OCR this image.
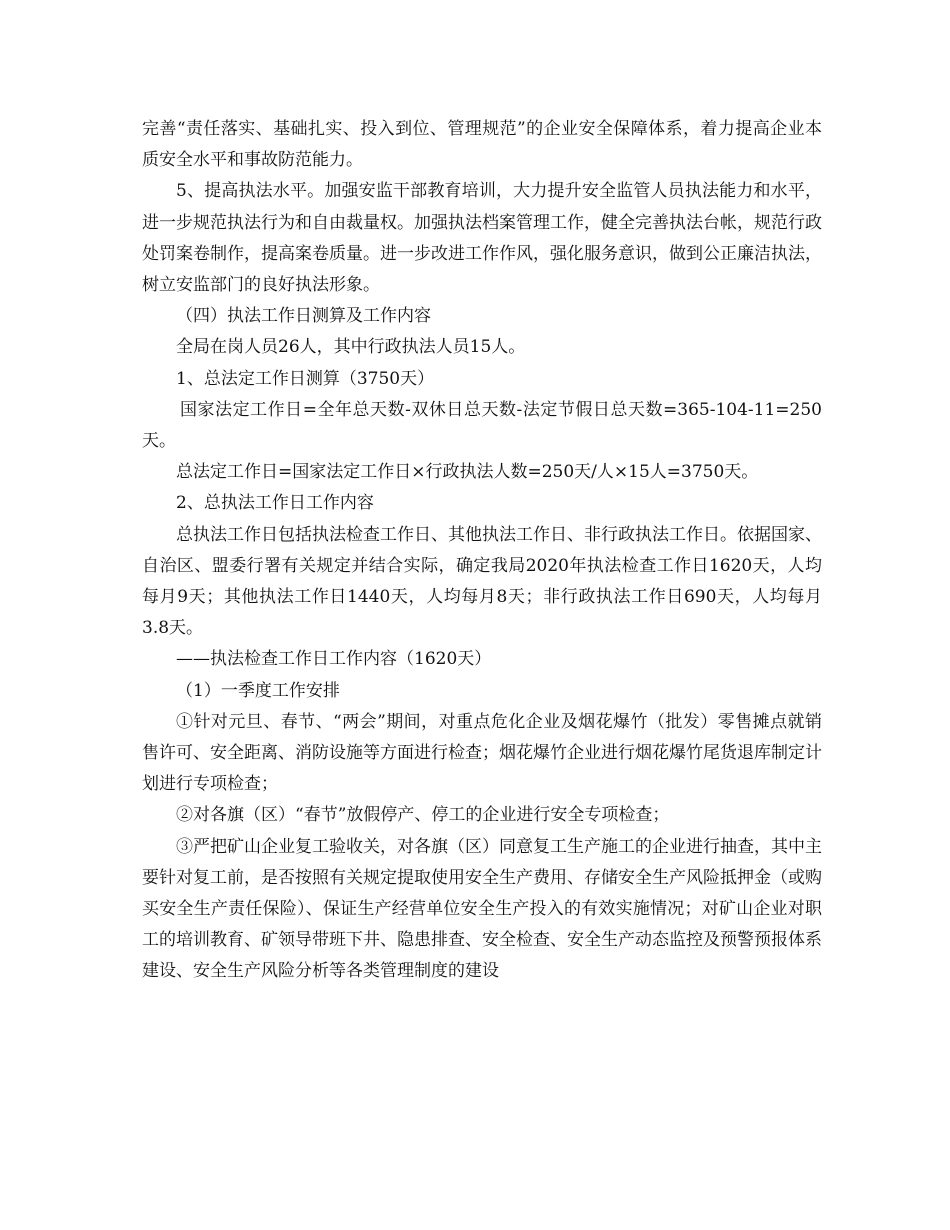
完善“责任落实、基础扎实、投入到位、管理规范”的企业安全保障体系，着力提高企业本质安全水平和事故防范能力。

5、提高执法水平。加强安监干部教育培训，大力提升安全监管人员执法能力和水平，进一步规范执法行为和自由裁量权。加强执法档案管理工作，健全完善执法台帐，规范行政处罚案卷制作，提高案卷质量。进一步改进工作作风，强化服务意识，做到公正廉洁执法，树立安监部门的良好执法形象。

（四）执法工作日测算及工作内容

全局在岗人员26人，其中行政执法人员15人。

1、总法定工作日测算（3750天）

国家法定工作日=全年总天数-双休日总天数-法定节假日总天数=365-104-11=250天。

总法定工作日=国家法定工作日×行政执法人数=250天/人×15人=3750天。

2、总执法工作日工作内容

总执法工作日包括执法检查工作日、其他执法工作日、非行政执法工作日。依据国家、自治区、盟委行署有关规定并结合实际，确定我局2020年执法检查工作日1620天，人均每月9天；其他执法工作日1440天，人均每月8天；非行政执法工作日690天，人均每月3.8天。

——执法检查工作日工作内容（1620天）

（1）一季度工作安排

①针对元旦、春节、“两会”期间，对重点危化企业及烟花爆竹（批发）零售摊点就销售许可、安全距离、消防设施等方面进行检查；烟花爆竹企业进行烟花爆竹尾货退库制定计划进行专项检查；

②对各旗（区）“春节”放假停产、停工的企业进行安全专项检查；

③严把矿山企业复工验收关，对各旗（区）同意复工生产施工的企业进行抽查，其中主要针对复工前，是否按照有关规定提取使用安全生产费用、存储安全生产风险抵押金（或购买安全生产责任保险）、保证生产经营单位安全生产投入的有效实施情况；对矿山企业对职工的培训教育、矿领导带班下井、隐患排查、安全检查、安全生产动态监控及预警预报体系建设、安全生产风险分析等各类管理制度的建设
